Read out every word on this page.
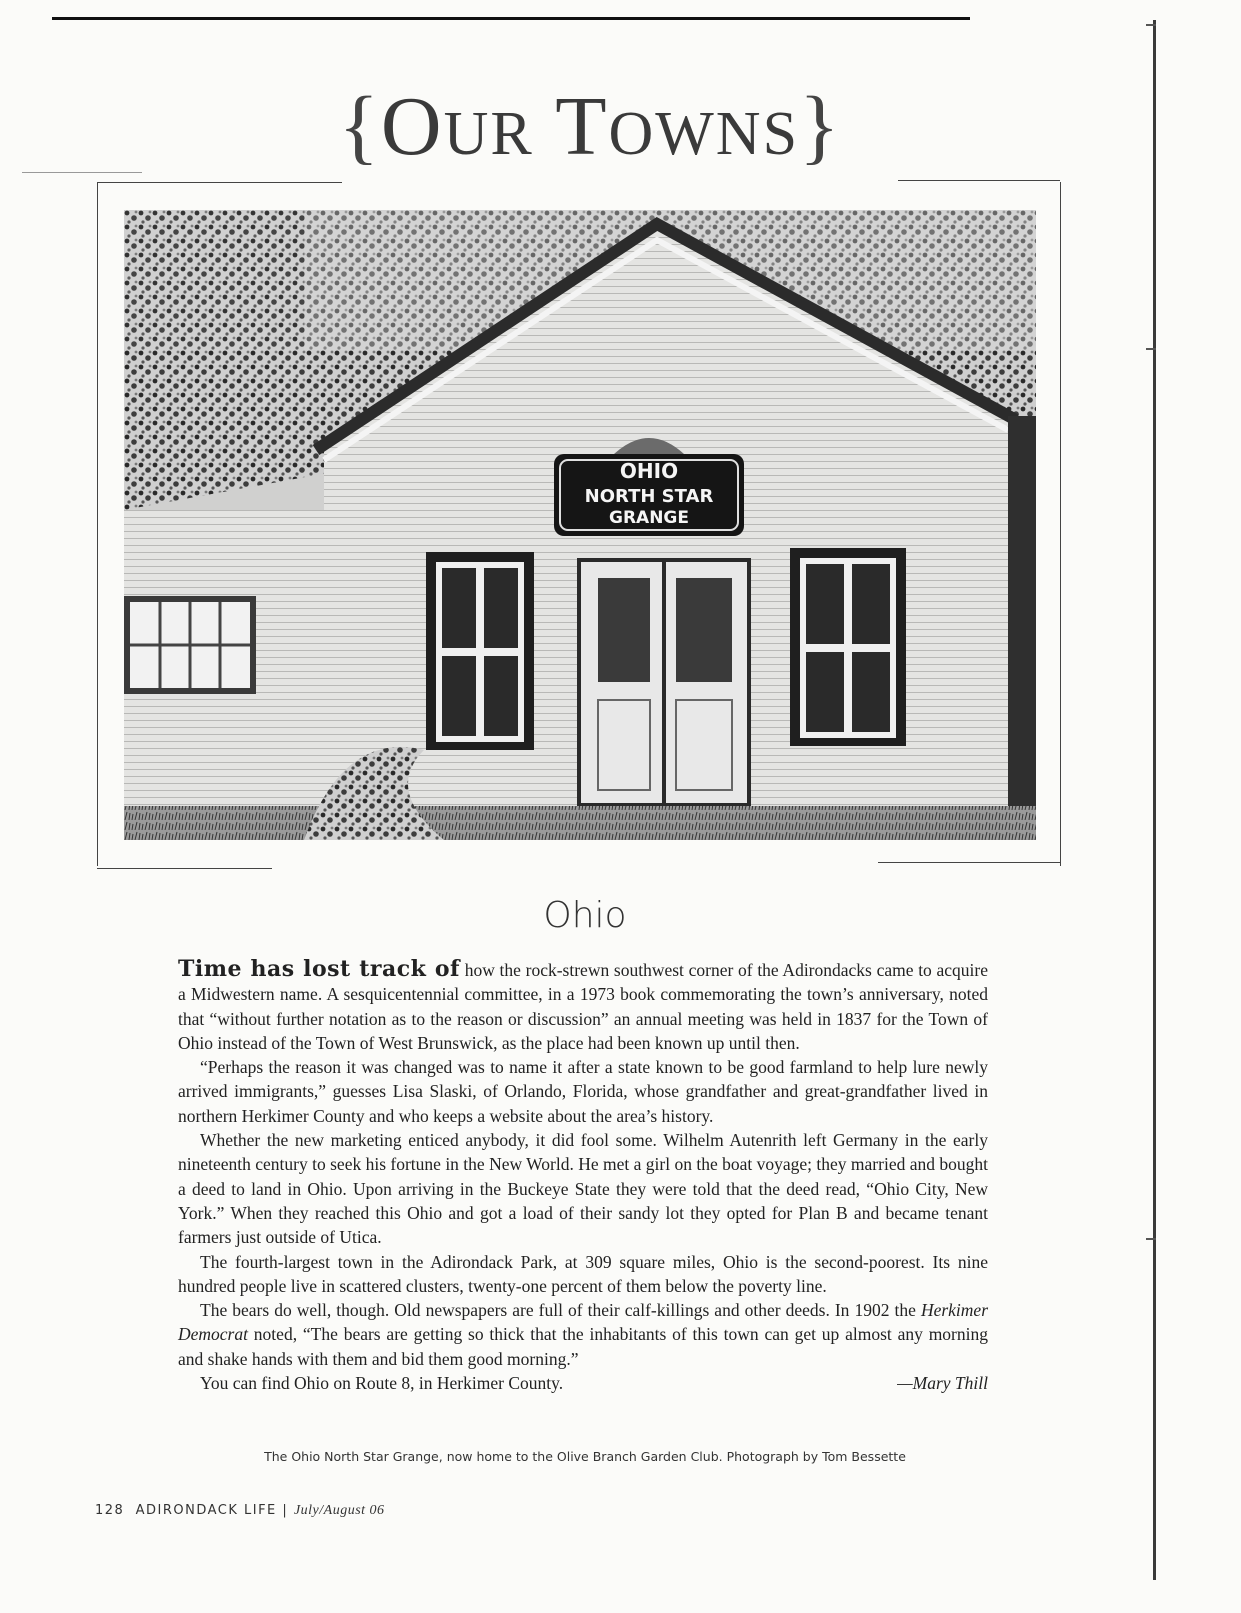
{OUR TOWNS}
OHIO
NORTH STAR
GRANGE
Ohio

Time has lost track of how the rock-strewn southwest corner of the Adirondacks came to acquire a Midwestern name. A sesquicentennial committee, in a 1973 book commemorating the town’s anniversary, noted that “without further notation as to the reason or discussion” an annual meeting was held in 1837 for the Town of Ohio instead of the Town of West Brunswick, as the place had been known up until then.

“Perhaps the reason it was changed was to name it after a state known to be good farmland to help lure newly arrived immigrants,” guesses Lisa Slaski, of Orlando, Florida, whose grandfather and great-grandfather lived in northern Herkimer County and who keeps a website about the area’s history.

Whether the new marketing enticed anybody, it did fool some. Wilhelm Autenrith left Germany in the early nineteenth century to seek his fortune in the New World. He met a girl on the boat voyage; they married and bought a deed to land in Ohio. Upon arriving in the Buckeye State they were told that the deed read, “Ohio City, New York.” When they reached this Ohio and got a load of their sandy lot they opted for Plan B and became tenant farmers just outside of Utica.

The fourth-largest town in the Adirondack Park, at 309 square miles, Ohio is the second-poorest. Its nine hundred people live in scattered clusters, twenty-one percent of them below the poverty line.

The bears do well, though. Old newspapers are full of their calf-killings and other deeds. In 1902 the Herkimer Democrat noted, “The bears are getting so thick that the inhabitants of this town can get up almost any morning and shake hands with them and bid them good morning.”

You can find Ohio on Route 8, in Herkimer County.	—Mary Thill

The Ohio North Star Grange, now home to the Olive Branch Garden Club. Photograph by Tom Bessette
128 ADIRONDACK LIFE | July/August 06
